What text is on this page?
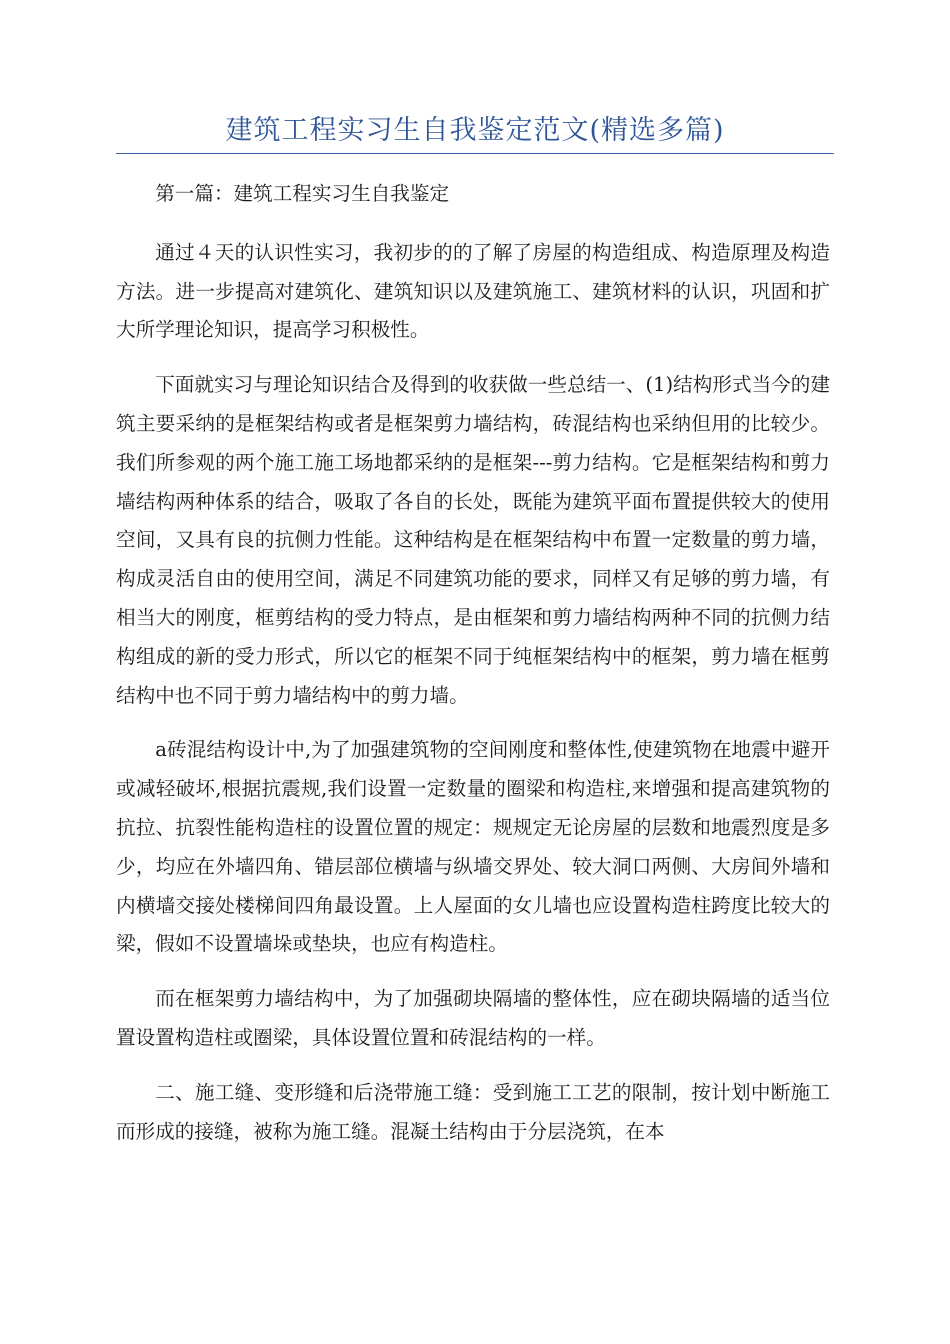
建筑工程实习生自我鉴定范文(精选多篇)

第一篇：建筑工程实习生自我鉴定

通过４天的认识性实习，我初步的的了解了房屋的构造组成、构造原理及构造方法。进一步提高对建筑化、建筑知识以及建筑施工、建筑材料的认识，巩固和扩大所学理论知识，提高学习积极性。

下面就实习与理论知识结合及得到的收获做一些总结一、(1)结构形式当今的建筑主要采纳的是框架结构或者是框架剪力墙结构，砖混结构也采纳但用的比较少。我们所参观的两个施工施工场地都采纳的是框架---剪力结构。它是框架结构和剪力墙结构两种体系的结合，吸取了各自的长处，既能为建筑平面布置提供较大的使用空间，又具有良的抗侧力性能。这种结构是在框架结构中布置一定数量的剪力墙，构成灵活自由的使用空间，满足不同建筑功能的要求，同样又有足够的剪力墙，有相当大的刚度，框剪结构的受力特点，是由框架和剪力墙结构两种不同的抗侧力结构组成的新的受力形式，所以它的框架不同于纯框架结构中的框架，剪力墙在框剪结构中也不同于剪力墙结构中的剪力墙。

a砖混结构设计中,为了加强建筑物的空间刚度和整体性,使建筑物在地震中避开或减轻破坏,根据抗震规,我们设置一定数量的圈梁和构造柱,来增强和提高建筑物的抗拉、抗裂性能构造柱的设置位置的规定：规规定无论房屋的层数和地震烈度是多少，均应在外墙四角、错层部位横墙与纵墙交界处、较大洞口两侧、大房间外墙和内横墙交接处楼梯间四角最设置。上人屋面的女儿墙也应设置构造柱跨度比较大的梁，假如不设置墙垛或垫块，也应有构造柱。

而在框架剪力墙结构中，为了加强砌块隔墙的整体性，应在砌块隔墙的适当位置设置构造柱或圈梁，具体设置位置和砖混结构的一样。

二、施工缝、变形缝和后浇带施工缝：受到施工工艺的限制，按计划中断施工而形成的接缝，被称为施工缝。混凝土结构由于分层浇筑，在本
